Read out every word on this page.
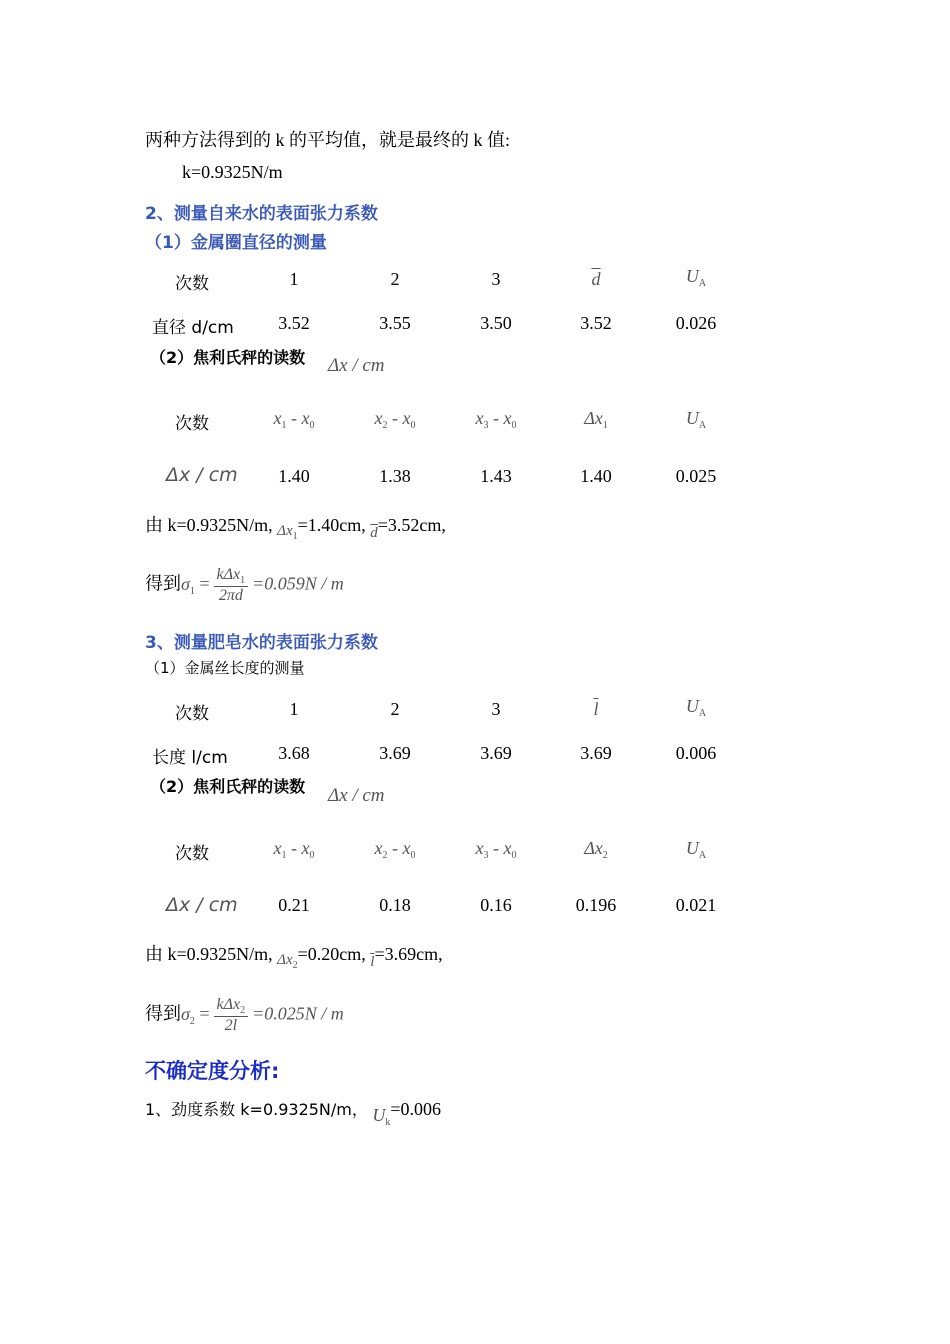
两种方法得到的 k 的平均值，就是最终的 k 值:
k=0.9325N/m
2、测量自来水的表面张力系数
（1）金属圈直径的测量
次数	1	2	3	$\overline{d}$	$U_A$
直径 d/cm	3.52	3.55	3.50	3.52	0.026
（2）焦利氏秤的读数 Δx / cm
次数	$x_1 - x_0$	$x_2 - x_0$	$x_3 - x_0$	$\Delta x_1$	$U_A$
Δx / cm	1.40	1.38	1.43	1.40	0.025
由 k=0.9325N/m, $_{\Delta x_1}$=1.40cm, $_{\overline{d}}$=3.52cm,
得到$\sigma_1 = \frac{k\Delta x_1}{2\pi d} =0.059N / m$
3、测量肥皂水的表面张力系数
（1）金属丝长度的测量
次数	1	2	3	$\overline{l}$	$U_A$
长度 l/cm	3.68	3.69	3.69	3.69	0.006
（2）焦利氏秤的读数 Δx / cm
次数	$x_1 - x_0$	$x_2 - x_0$	$x_3 - x_0$	$\Delta x_2$	$U_A$
Δx / cm	0.21	0.18	0.16	0.196	0.021
由 k=0.9325N/m, $_{\Delta x_2}$=0.20cm, $_{\overline{l}}$=3.69cm,
得到$\sigma_2 = \frac{k\Delta x_2}{2l} =0.025N / m$
不确定度分析:
1、劲度系数 k=0.9325N/m， $U_k=0.006$
